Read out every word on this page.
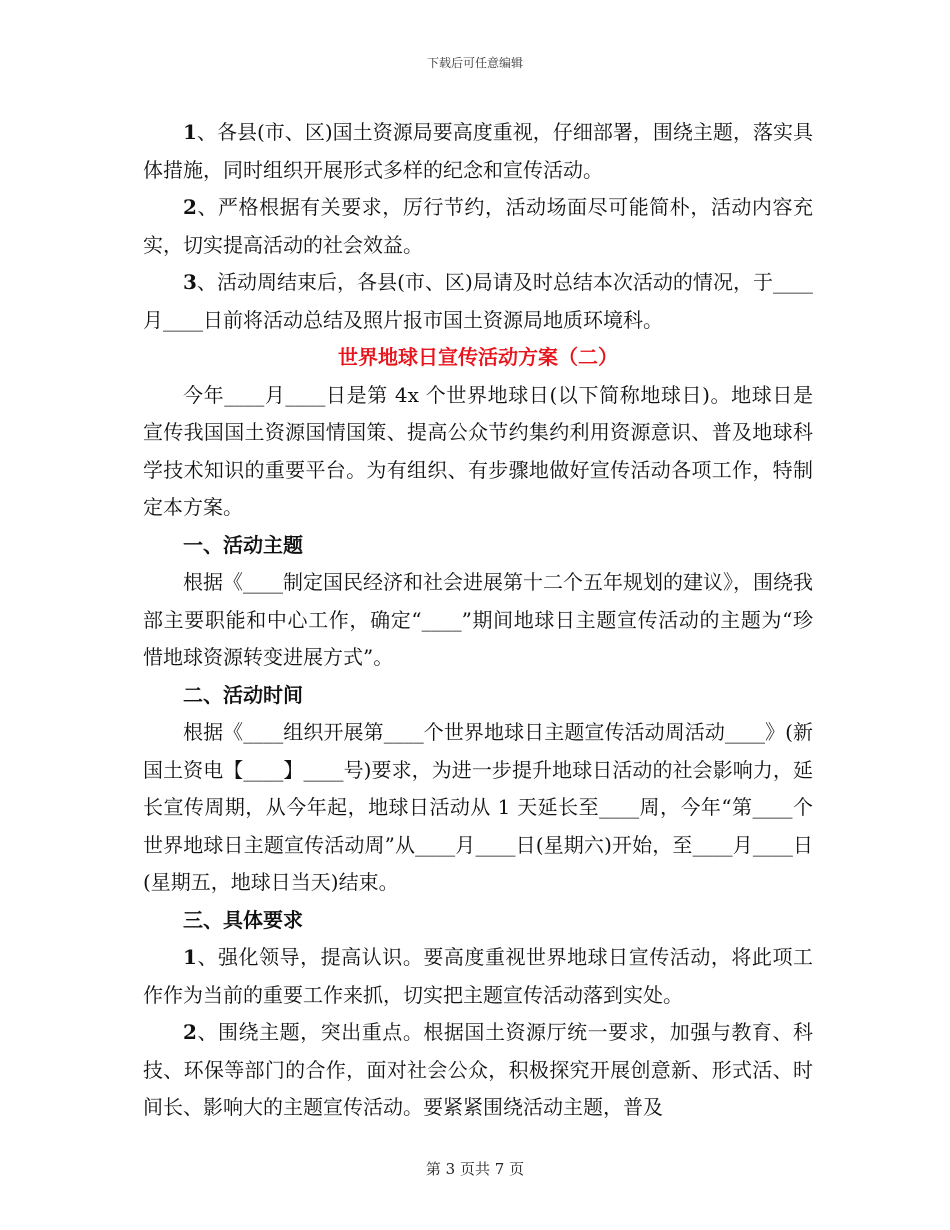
下载后可任意编辑

1、各县(市、区)国土资源局要高度重视，仔细部署，围绕主题，落实具体措施，同时组织开展形式多样的纪念和宣传活动。

2、严格根据有关要求，厉行节约，活动场面尽可能简朴，活动内容充实，切实提高活动的社会效益。

3、活动周结束后，各县(市、区)局请及时总结本次活动的情况，于____月____日前将活动总结及照片报市国土资源局地质环境科。

世界地球日宣传活动方案（二）

今年____月____日是第 4x 个世界地球日(以下简称地球日)。地球日是宣传我国国土资源国情国策、提高公众节约集约利用资源意识、普及地球科学技术知识的重要平台。为有组织、有步骤地做好宣传活动各项工作，特制定本方案。

一、活动主题

根据《____制定国民经济和社会进展第十二个五年规划的建议》，围绕我部主要职能和中心工作，确定“____”期间地球日主题宣传活动的主题为“珍惜地球资源转变进展方式”。

二、活动时间

根据《____组织开展第____个世界地球日主题宣传活动周活动____》(新国土资电【____】____号)要求，为进一步提升地球日活动的社会影响力，延长宣传周期，从今年起，地球日活动从 1 天延长至____周，今年“第____个世界地球日主题宣传活动周”从____月____日(星期六)开始，至____月____日(星期五，地球日当天)结束。

三、具体要求

1、强化领导，提高认识。要高度重视世界地球日宣传活动，将此项工作作为当前的重要工作来抓，切实把主题宣传活动落到实处。

2、围绕主题，突出重点。根据国土资源厅统一要求，加强与教育、科技、环保等部门的合作，面对社会公众，积极探究开展创意新、形式活、时间长、影响大的主题宣传活动。要紧紧围绕活动主题，普及

第 3 页共 7 页
